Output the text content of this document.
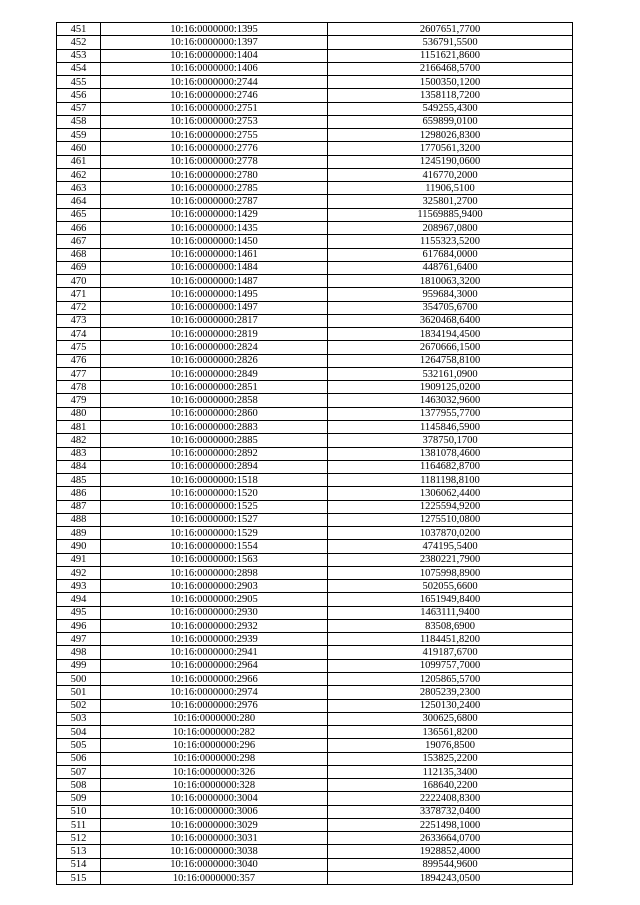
451	10:16:0000000:1395	2607651,7700
452	10:16:0000000:1397	536791,5500
453	10:16:0000000:1404	1151621,8600
454	10:16:0000000:1406	2166468,5700
455	10:16:0000000:2744	1500350,1200
456	10:16:0000000:2746	1358118,7200
457	10:16:0000000:2751	549255,4300
458	10:16:0000000:2753	659899,0100
459	10:16:0000000:2755	1298026,8300
460	10:16:0000000:2776	1770561,3200
461	10:16:0000000:2778	1245190,0600
462	10:16:0000000:2780	416770,2000
463	10:16:0000000:2785	11906,5100
464	10:16:0000000:2787	325801,2700
465	10:16:0000000:1429	11569885,9400
466	10:16:0000000:1435	208967,0800
467	10:16:0000000:1450	1155323,5200
468	10:16:0000000:1461	617684,0000
469	10:16:0000000:1484	448761,6400
470	10:16:0000000:1487	1810063,3200
471	10:16:0000000:1495	959684,3000
472	10:16:0000000:1497	354705,6700
473	10:16:0000000:2817	3620468,6400
474	10:16:0000000:2819	1834194,4500
475	10:16:0000000:2824	2670666,1500
476	10:16:0000000:2826	1264758,8100
477	10:16:0000000:2849	532161,0900
478	10:16:0000000:2851	1909125,0200
479	10:16:0000000:2858	1463032,9600
480	10:16:0000000:2860	1377955,7700
481	10:16:0000000:2883	1145846,5900
482	10:16:0000000:2885	378750,1700
483	10:16:0000000:2892	1381078,4600
484	10:16:0000000:2894	1164682,8700
485	10:16:0000000:1518	1181198,8100
486	10:16:0000000:1520	1306062,4400
487	10:16:0000000:1525	1225594,9200
488	10:16:0000000:1527	1275510,0800
489	10:16:0000000:1529	1037870,0200
490	10:16:0000000:1554	474195,5400
491	10:16:0000000:1563	2380221,7900
492	10:16:0000000:2898	1075998,8900
493	10:16:0000000:2903	502055,6600
494	10:16:0000000:2905	1651949,8400
495	10:16:0000000:2930	1463111,9400
496	10:16:0000000:2932	83508,6900
497	10:16:0000000:2939	1184451,8200
498	10:16:0000000:2941	419187,6700
499	10:16:0000000:2964	1099757,7000
500	10:16:0000000:2966	1205865,5700
501	10:16:0000000:2974	2805239,2300
502	10:16:0000000:2976	1250130,2400
503	10:16:0000000:280	300625,6800
504	10:16:0000000:282	136561,8200
505	10:16:0000000:296	19076,8500
506	10:16:0000000:298	153825,2200
507	10:16:0000000:326	112135,3400
508	10:16:0000000:328	168640,2200
509	10:16:0000000:3004	2222408,8300
510	10:16:0000000:3006	3378732,0400
511	10:16:0000000:3029	2251498,1000
512	10:16:0000000:3031	2633664,0700
513	10:16:0000000:3038	1928852,4000
514	10:16:0000000:3040	899544,9600
515	10:16:0000000:357	1894243,0500
